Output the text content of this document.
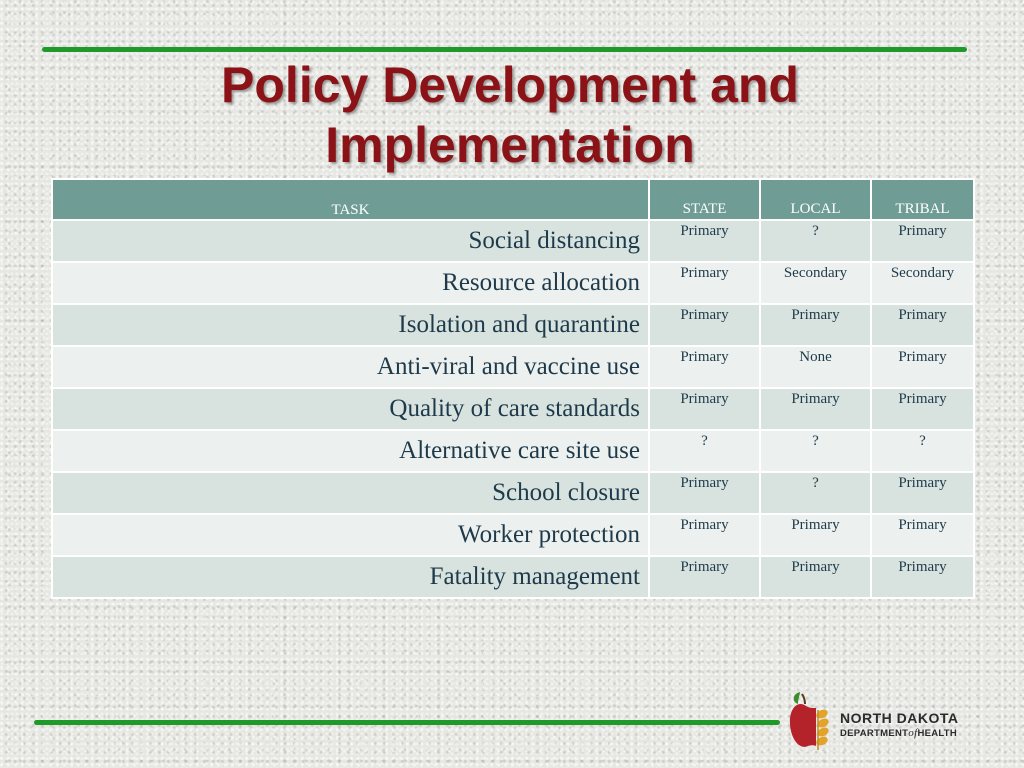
Policy Development and
Implementation
TASK	STATE	LOCAL	TRIBAL
Social distancing	Primary	?	Primary
Resource allocation	Primary	Secondary	Secondary
Isolation and quarantine	Primary	Primary	Primary
Anti-viral and vaccine use	Primary	None	Primary
Quality of care standards	Primary	Primary	Primary
Alternative care site use	?	?	?
School closure	Primary	?	Primary
Worker protection	Primary	Primary	Primary
Fatality management	Primary	Primary	Primary
NORTH DAKOTA
DEPARTMENTofHEALTH
